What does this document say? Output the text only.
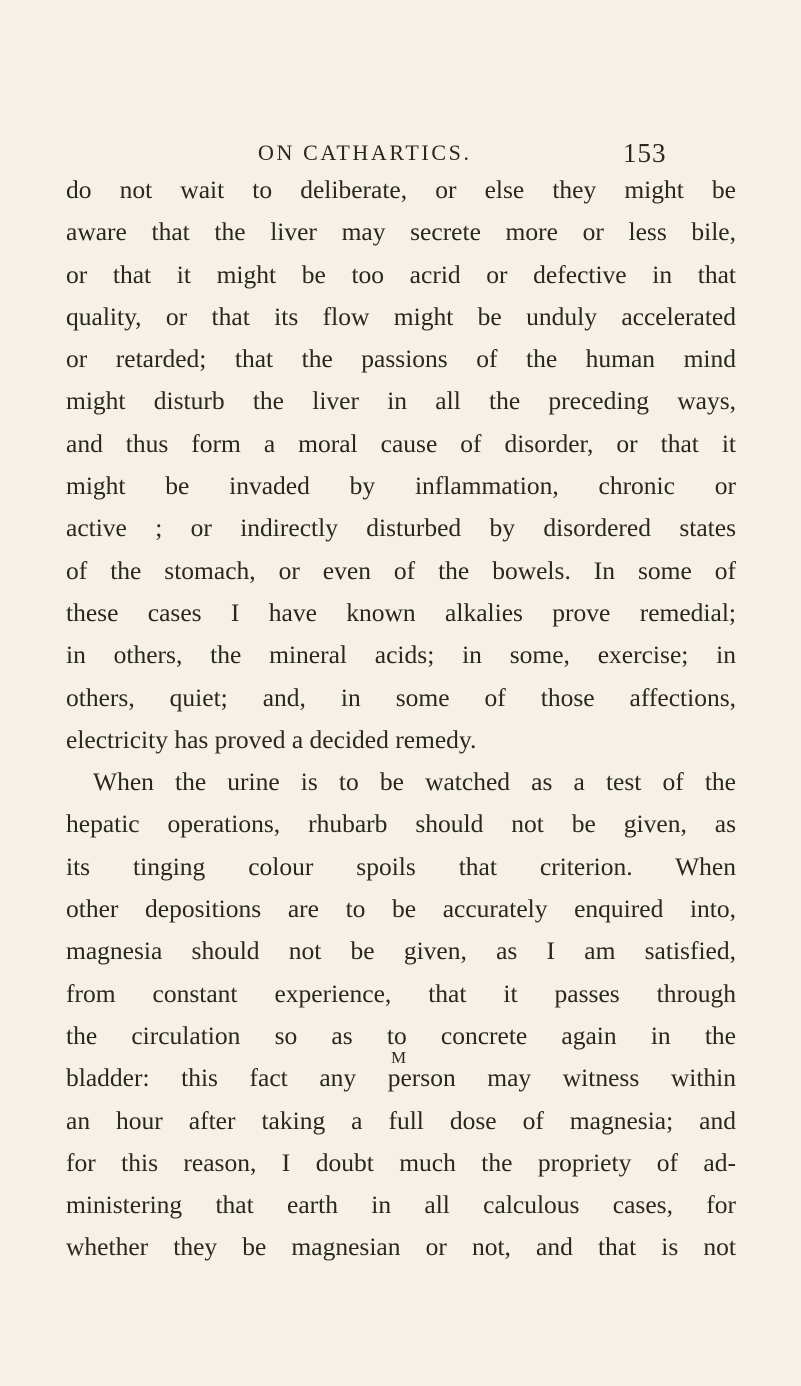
ON CATHARTICS.	153
do not wait to deliberate, or else they might be
aware that the liver may secrete more or less bile,
or that it might be too acrid or defective in that
quality, or that its flow might be unduly accelerated
or retarded; that the passions of the human mind
might disturb the liver in all the preceding ways,
and thus form a moral cause of disorder, or that it
might be invaded by inflammation, chronic or
active ; or indirectly disturbed by disordered states
of the stomach, or even of the bowels. In some of
these cases I have known alkalies prove remedial;
in others, the mineral acids; in some, exercise; in
others, quiet; and, in some of those affections,
electricity has proved a decided remedy.
When the urine is to be watched as a test of the
hepatic operations, rhubarb should not be given, as
its tinging colour spoils that criterion. When
other depositions are to be accurately enquired into,
magnesia should not be given, as I am satisfied,
from constant experience, that it passes through
the circulation so as to concrete again in the
bladder: this fact any person may witness within
an hour after taking a full dose of magnesia; and
for this reason, I doubt much the propriety of ad-
ministering that earth in all calculous cases, for
whether they be magnesian or not, and that is not
M
